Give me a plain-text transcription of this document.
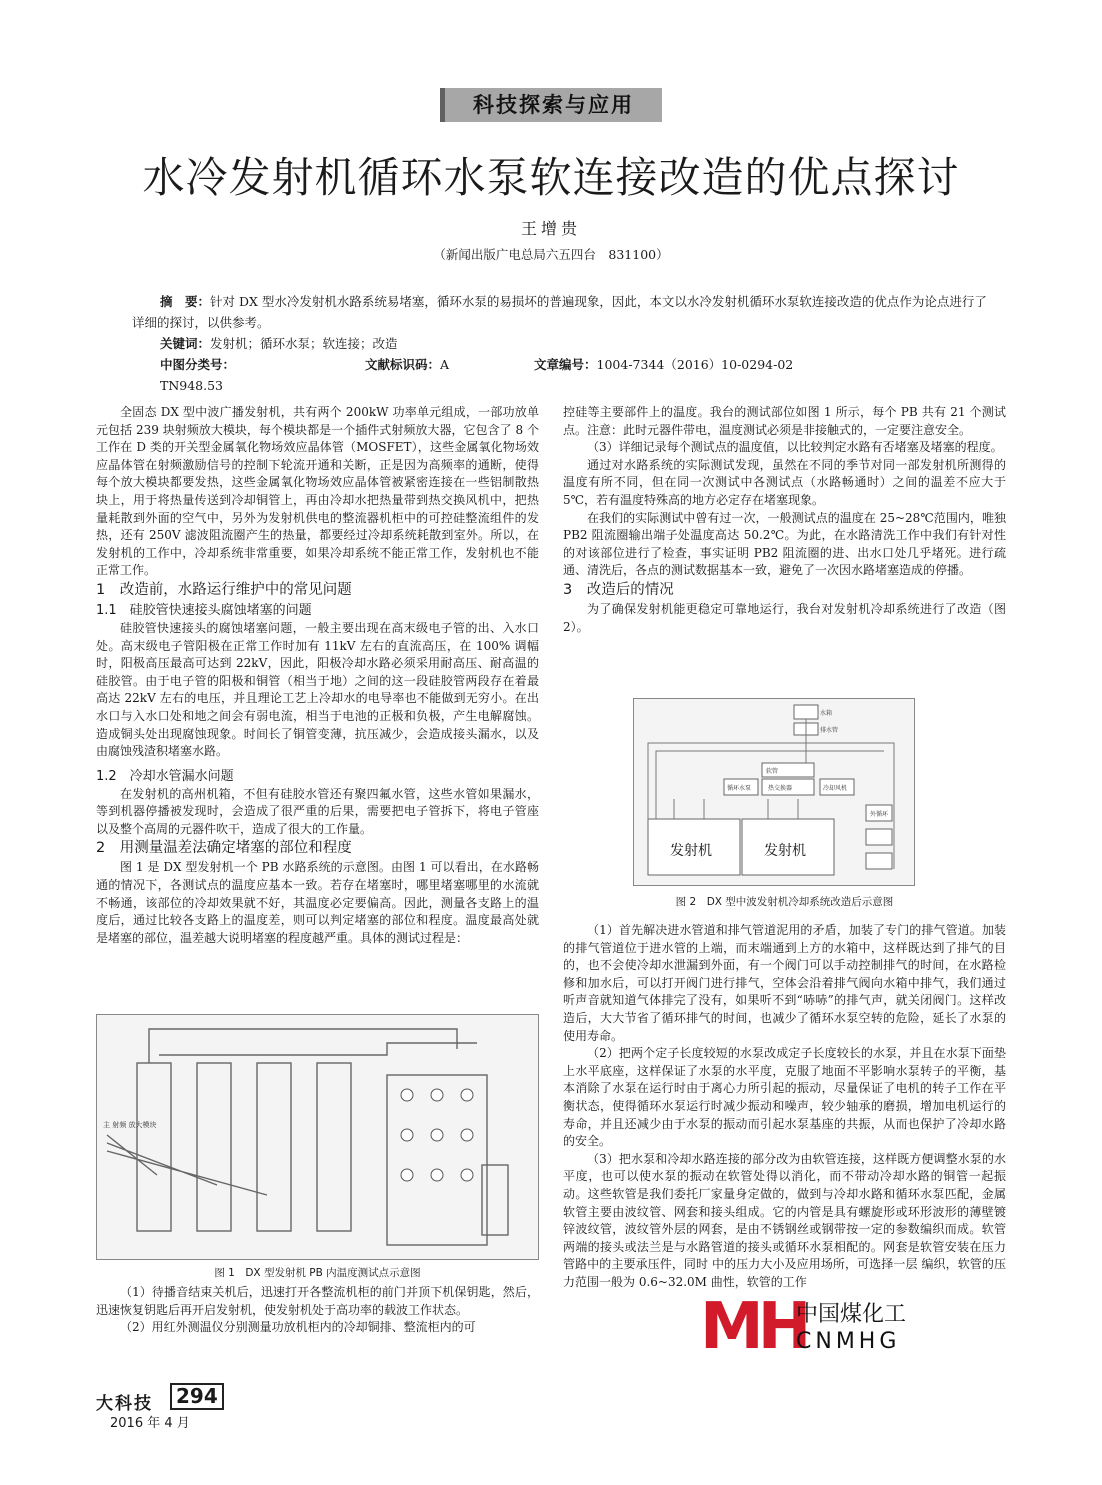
科技探索与应用
水冷发射机循环水泵软连接改造的优点探讨
王增贵
（新闻出版广电总局六五四台　831100）
摘　要：针对 DX 型水冷发射机水路系统易堵塞，循环水泵的易损坏的普遍现象，因此，本文以水冷发射机循环水泵软连接改造的优点作为论点进行了详细的探讨，以供参考。
关键词：发射机；循环水泵；软连接；改造
中图分类号：TN948.53
文献标识码：A	文章编号：1004-7344（2016）10-0294-02

全固态 DX 型中波广播发射机，共有两个 200kW 功率单元组成，一部功放单元包括 239 块射频放大模块，每个模块都是一个插件式射频放大器，它包含了 8 个工作在 D 类的开关型金属氧化物场效应晶体管（MOSFET），这些金属氧化物场效应晶体管在射频激励信号的控制下轮流开通和关断，正是因为高频率的通断，使得每个放大模块都要发热，这些金属氧化物场效应晶体管被紧密连接在一些铝制散热块上，用于将热量传送到冷却铜管上，再由冷却水把热量带到热交换风机中，把热量耗散到外面的空气中，另外为发射机供电的整流器机柜中的可控硅整流组件的发热，还有 250V 滤波阻流圈产生的热量，都要经过冷却系统耗散到室外。所以，在发射机的工作中，冷却系统非常重要，如果冷却系统不能正常工作，发射机也不能正常工作。

1　改造前，水路运行维护中的常见问题

1.1　硅胶管快速接头腐蚀堵塞的问题

硅胶管快速接头的腐蚀堵塞问题，一般主要出现在高末级电子管的出、入水口处。高末级电子管阳极在正常工作时加有 11kV 左右的直流高压，在 100% 调幅时，阳极高压最高可达到 22kV，因此，阳极冷却水路必须采用耐高压、耐高温的硅胶管。由于电子管的阳极和铜管（相当于地）之间的这一段硅胶管两段存在着最高达 22kV 左右的电压，并且理论工艺上冷却水的电导率也不能做到无穷小。在出水口与入水口处和地之间会有弱电流，相当于电池的正极和负极，产生电解腐蚀。造成铜头处出现腐蚀现象。时间长了铜管变薄，抗压减少，会造成接头漏水，以及由腐蚀残渣积堵塞水路。

1.2　冷却水管漏水问题

在发射机的高州机箱，不但有硅胶水管还有聚四氟水管，这些水管如果漏水，等到机器停播被发现时，会造成了很严重的后果，需要把电子管拆下，将电子管座以及整个高周的元器件吹干，造成了很大的工作量。

2　用测量温差法确定堵塞的部位和程度

图 1 是 DX 型发射机一个 PB 水路系统的示意图。由图 1 可以看出，在水路畅通的情况下，各测试点的温度应基本一致。若存在堵塞时，哪里堵塞哪里的水流就不畅通，该部位的冷却效果就不好，其温度必定要偏高。因此，测量各支路上的温度后，通过比较各支路上的温度差，则可以判定堵塞的部位和程度。温度最高处就是堵塞的部位，温差越大说明堵塞的程度越严重。具体的测试过程是：

主 射频 放大模块
图 1　DX 型发射机 PB 内温度测试点示意图

（1）待播音结束关机后，迅速打开各整流机柜的前门并顶下机保钥匙，然后，迅速恢复钥匙后再开启发射机，使发射机处于高功率的载波工作状态。

（2）用红外测温仪分别测量功放机柜内的冷却铜排、整流柜内的可

控硅等主要部件上的温度。我台的测试部位如图 1 所示，每个 PB 共有 21 个测试点。注意：此时元器件带电，温度测试必须是非接触式的，一定要注意安全。

（3）详细记录每个测试点的温度值，以比较判定水路有否堵塞及堵塞的程度。

通过对水路系统的实际测试发现，虽然在不同的季节对同一部发射机所测得的温度有所不同，但在同一次测试中各测试点（水路畅通时）之间的温差不应大于 5℃，若有温度特殊高的地方必定存在堵塞现象。

在我们的实际测试中曾有过一次，一般测试点的温度在 25~28℃范围内，唯独 PB2 阻流圈输出端子处温度高达 50.2℃。为此，在水路清洗工作中我们有针对性的对该部位进行了检查，事实证明 PB2 阻流圈的进、出水口处几乎堵死。进行疏通、清洗后，各点的测试数据基本一致，避免了一次因水路堵塞造成的停播。

3　改造后的情况

为了确保发射机能更稳定可靠地运行，我台对发射机冷却系统进行了改造（图 2）。

水箱
排水管
软管
循环水泵	热交换器	冷却风机
外循环
发射机	发射机
图 2　DX 型中波发射机冷却系统改造后示意图

（1）首先解决进水管道和排气管道泥用的矛盾，加装了专门的排气管道。加装的排气管道位于进水管的上端，而末端通到上方的水箱中，这样既达到了排气的目的，也不会使冷却水泄漏到外面，有一个阀门可以手动控制排气的时间，在水路检修和加水后，可以打开阀门进行排气，空体会沿着排气阀向水箱中排气，我们通过听声音就知道气体排完了没有，如果听不到“哧哧”的排气声，就关闭阀门。这样改造后，大大节省了循环排气的时间，也减少了循环水泵空转的危险，延长了水泵的使用寿命。

（2）把两个定子长度较短的水泵改成定子长度较长的水泵，并且在水泵下面垫上水平底座，这样保证了水泵的水平度，克服了地面不平影响水泵转子的平衡，基本消除了水泵在运行时由于离心力所引起的振动，尽量保证了电机的转子工作在平衡状态，使得循环水泵运行时减少振动和噪声，较少轴承的磨损，增加电机运行的寿命，并且还减少由于水泵的振动而引起水泵基座的共振，从而也保护了冷却水路的安全。

（3）把水泵和冷却水路连接的部分改为由软管连接，这样既方便调整水泵的水平度，也可以使水泵的振动在软管处得以消化，而不带动冷却水路的铜管一起振动。这些软管是我们委托厂家量身定做的，做到与冷却水路和循环水泵匹配，金属软管主要由波纹管、网套和接头组成。它的内管是具有螺旋形或环形波形的薄壁镀锌波纹管，波纹管外层的网套，是由不锈钢丝或钢带按一定的参数编织而成。软管两端的接头或法兰是与水路管道的接头或循环水泵相配的。网套是软管安装在压力管路中的主要承压件，同时 中的压力大小及应用场所，可选择一层 编织，软管的压力范围一般为 0.6~32.0M 曲性，软管的工作

MH
中国煤化工
CNMHG
大科技	294
2016 年 4 月
